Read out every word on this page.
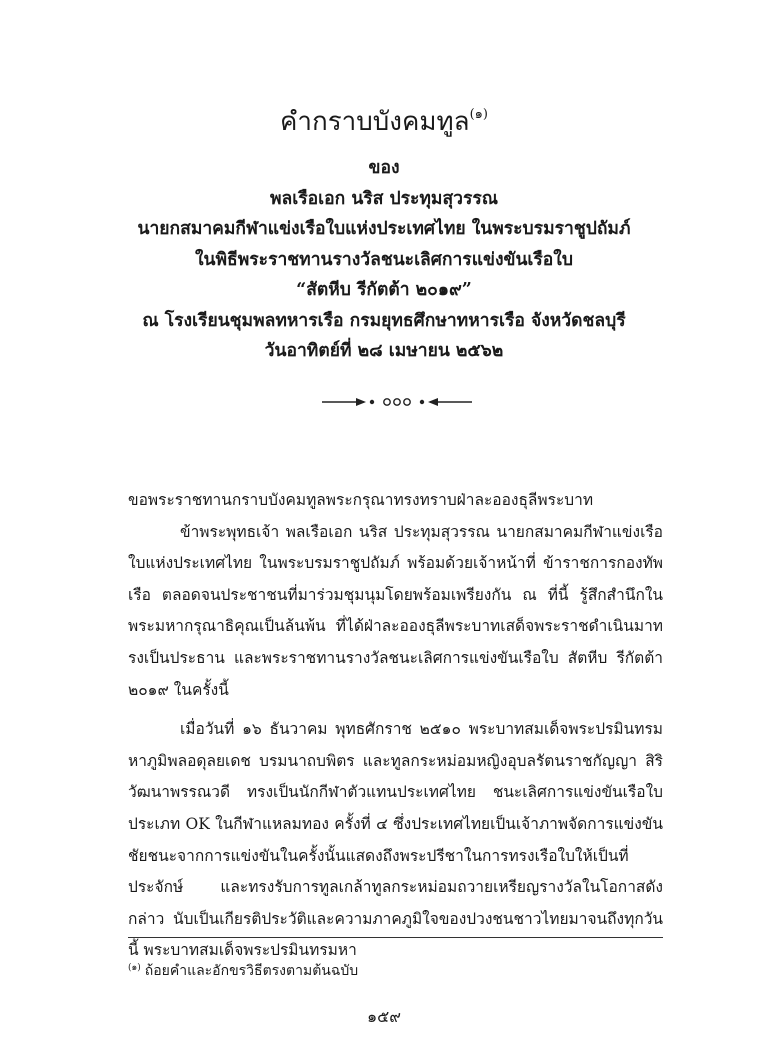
คำกราบบังคมทูล$^{(๑)}$
ของ
พลเรือเอก นริส ประทุมสุวรรณ
นายกสมาคมกีฬาแข่งเรือใบแห่งประเทศไทย ในพระบรมราชูปถัมภ์
ในพิธีพระราชทานรางวัลชนะเลิศการแข่งขันเรือใบ
“สัตหีบ รีกัตต้า ๒๐๑๙”
ณ โรงเรียนชุมพลทหารเรือ กรมยุทธศึกษาทหารเรือ จังหวัดชลบุรี
วันอาทิตย์ที่ ๒๘ เมษายน ๒๕๖๒

ขอพระราชทานกราบบังคมทูลพระกรุณาทรงทราบฝ่าละอองธุลีพระบาท

ข้าพระพุทธเจ้า พลเรือเอก นริส ประทุมสุวรรณ นายกสมาคมกีฬาแข่งเรือใบแห่งประเทศไทย ในพระบรมราชูปถัมภ์ พร้อมด้วยเจ้าหน้าที่ ข้าราชการกองทัพเรือ ตลอดจนประชาชนที่มาร่วมชุมนุมโดยพร้อมเพรียงกัน ณ ที่นี้ รู้สึกสำนึกในพระมหากรุณาธิคุณเป็นล้นพ้น ที่ได้ฝ่าละอองธุลีพระบาทเสด็จพระราชดำเนินมาทรงเป็นประธาน และพระราชทานรางวัลชนะเลิศการแข่งขันเรือใบ สัตหีบ รีกัตต้า ๒๐๑๙ ในครั้งนี้

เมื่อวันที่ ๑๖ ธันวาคม พุทธศักราช ๒๕๑๐ พระบาทสมเด็จพระปรมินทรมหาภูมิพลอดุลยเดช บรมนาถบพิตร และทูลกระหม่อมหญิงอุบลรัตนราชกัญญา สิริวัฒนาพรรณวดี ทรงเป็นนักกีฬาตัวแทนประเทศไทย ชนะเลิศการแข่งขันเรือใบประเภท OK ในกีฬาแหลมทอง ครั้งที่ ๔ ซึ่งประเทศไทยเป็นเจ้าภาพจัดการแข่งขัน ชัยชนะจากการแข่งขันในครั้งนั้นแสดงถึงพระปรีชาในการทรงเรือใบให้เป็นที่ประจักษ์ และทรงรับการทูลเกล้าทูลกระหม่อมถวายเหรียญรางวัลในโอกาสดังกล่าว นับเป็นเกียรติประวัติและความภาคภูมิใจของปวงชนชาวไทยมาจนถึงทุกวันนี้ พระบาทสมเด็จพระปรมินทรมหา

$^{(๑)}$ ถ้อยคำและอักขรวิธีตรงตามต้นฉบับ
๑๕๙
